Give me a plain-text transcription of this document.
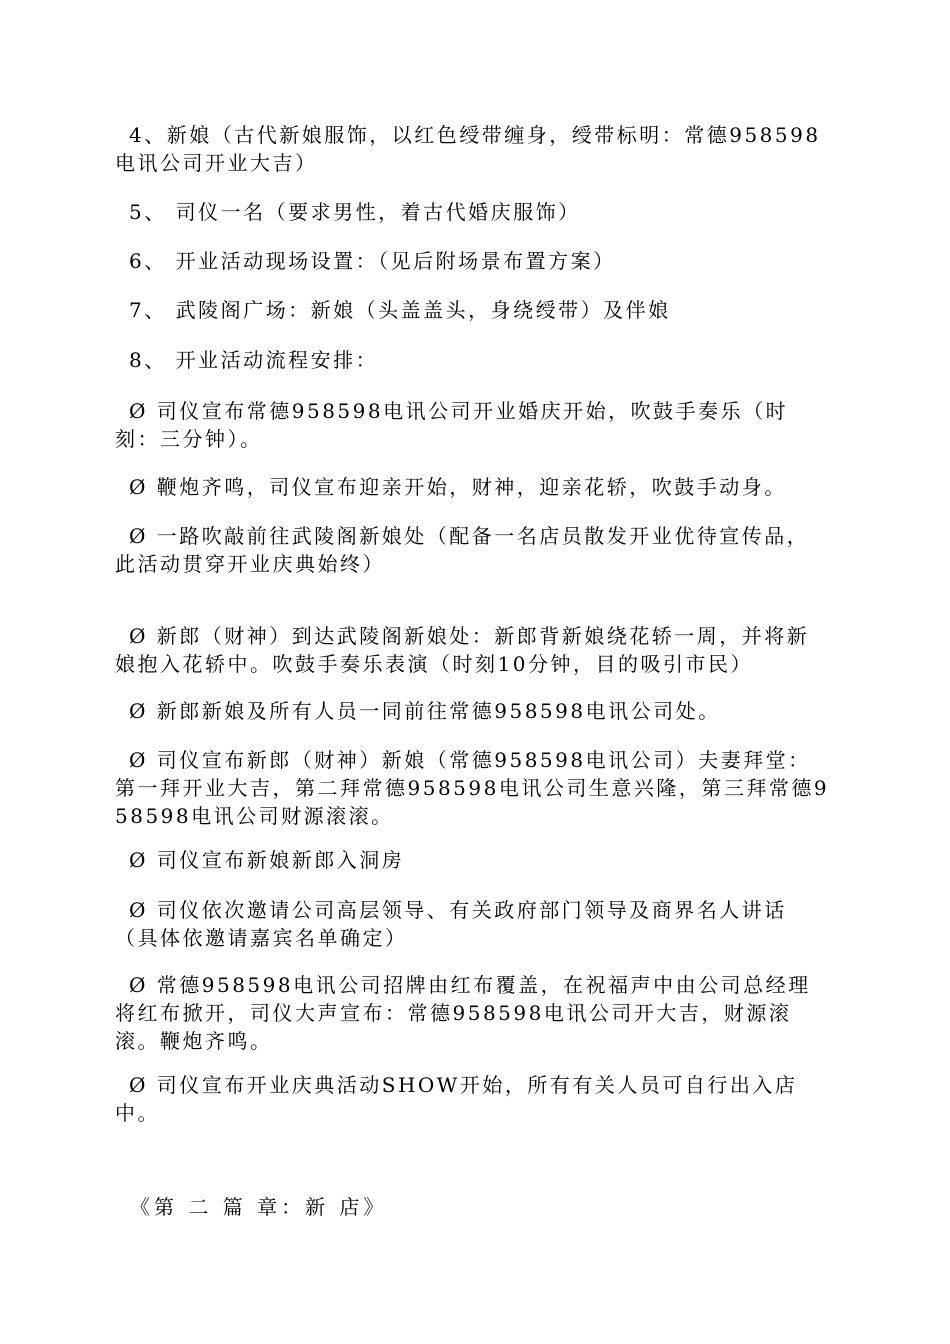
4、新娘（古代新娘服饰，以红色绶带缠身，绶带标明：常德958598电讯公司开业大吉）

5、 司仪一名（要求男性，着古代婚庆服饰）

6、 开业活动现场设置：（见后附场景布置方案）

7、 武陵阁广场：新娘（头盖盖头，身绕绶带）及伴娘

8、 开业活动流程安排：

Ø 司仪宣布常德958598电讯公司开业婚庆开始，吹鼓手奏乐（时刻：三分钟）。

Ø 鞭炮齐鸣，司仪宣布迎亲开始，财神，迎亲花轿，吹鼓手动身。

Ø 一路吹敲前往武陵阁新娘处（配备一名店员散发开业优待宣传品，此活动贯穿开业庆典始终）

Ø 新郎（财神）到达武陵阁新娘处：新郎背新娘绕花轿一周，并将新娘抱入花轿中。吹鼓手奏乐表演（时刻10分钟，目的吸引市民）

Ø 新郎新娘及所有人员一同前往常德958598电讯公司处。

Ø 司仪宣布新郎（财神）新娘（常德958598电讯公司）夫妻拜堂：第一拜开业大吉，第二拜常德958598电讯公司生意兴隆，第三拜常德958598电讯公司财源滚滚。

Ø 司仪宣布新娘新郎入洞房

Ø 司仪依次邀请公司高层领导、有关政府部门领导及商界名人讲话（具体依邀请嘉宾名单确定）

Ø 常德958598电讯公司招牌由红布覆盖，在祝福声中由公司总经理将红布掀开，司仪大声宣布：常德958598电讯公司开大吉，财源滚滚。鞭炮齐鸣。

Ø 司仪宣布开业庆典活动SHOW开始，所有有关人员可自行出入店中。

《第 二 篇 章：新 店》
